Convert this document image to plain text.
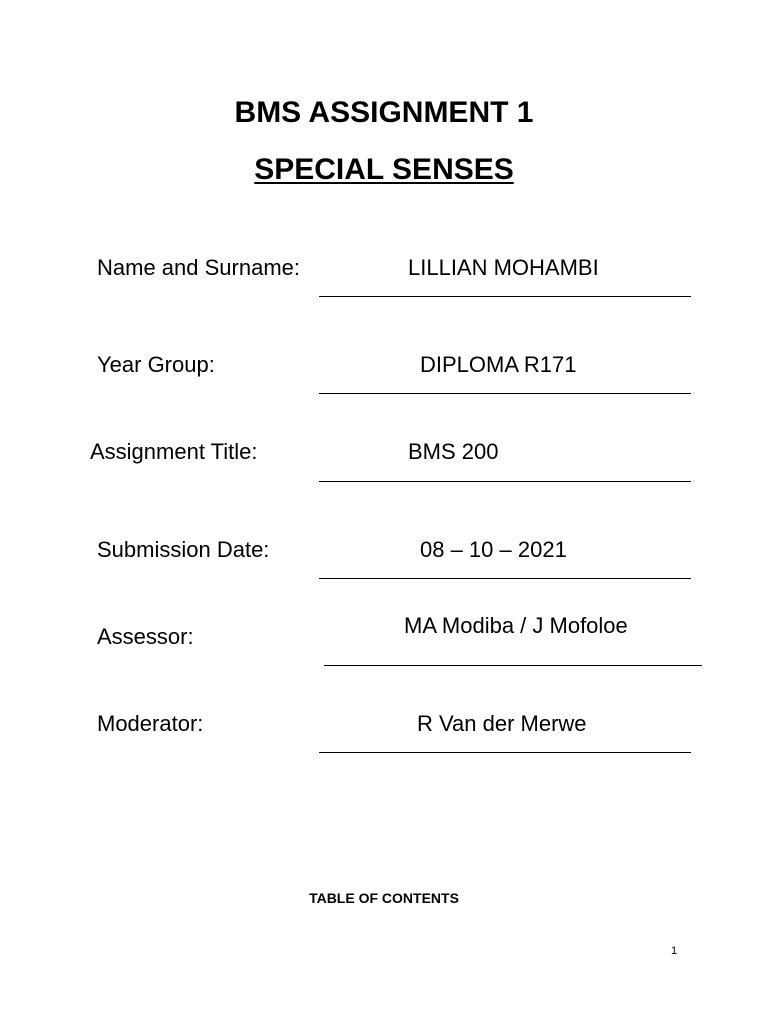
BMS ASSIGNMENT 1
SPECIAL SENSES
Name and Surname:	LILLIAN MOHAMBI
Year Group:	DIPLOMA R171
Assignment Title:	BMS 200
Submission Date:	08 – 10 – 2021
Assessor:	MA Modiba / J Mofoloe
Moderator:	R Van der Merwe
TABLE OF CONTENTS
1
